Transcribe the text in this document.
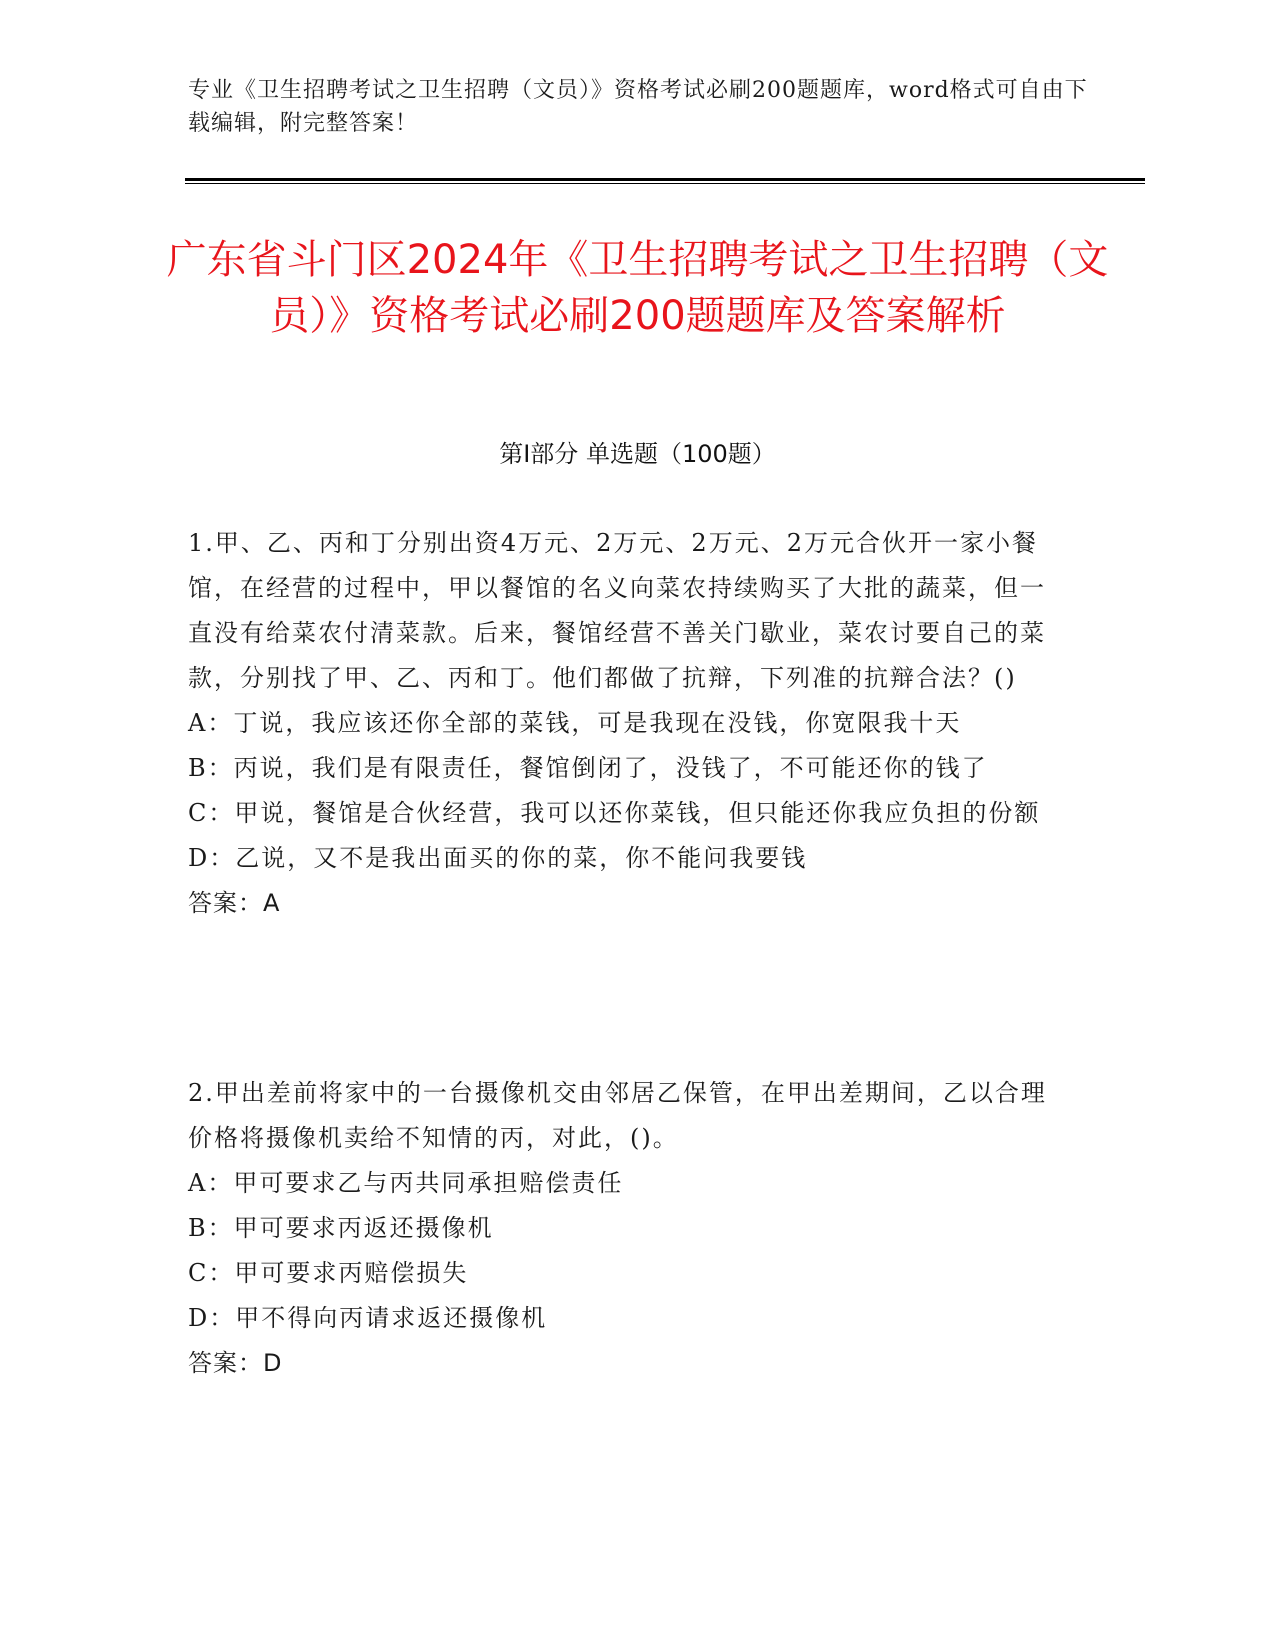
专业《卫生招聘考试之卫生招聘（文员）》资格考试必刷200题题库，word格式可自由下载编辑，附完整答案！
广东省斗门区2024年《卫生招聘考试之卫生招聘（文员）》资格考试必刷200题题库及答案解析
第Ⅰ部分 单选题（100题）

1.甲、乙、丙和丁分别出资4万元、2万元、2万元、2万元合伙开一家小餐馆，在经营的过程中，甲以餐馆的名义向菜农持续购买了大批的蔬菜，但一直没有给菜农付清菜款。后来，餐馆经营不善关门歇业，菜农讨要自己的菜款，分别找了甲、乙、丙和丁。他们都做了抗辩，下列准的抗辩合法？()

A：丁说，我应该还你全部的菜钱，可是我现在没钱，你宽限我十天

B：丙说，我们是有限责任，餐馆倒闭了，没钱了，不可能还你的钱了

C：甲说，餐馆是合伙经营，我可以还你菜钱，但只能还你我应负担的份额

D：乙说，又不是我出面买的你的菜，你不能问我要钱

答案：A

2.甲出差前将家中的一台摄像机交由邻居乙保管，在甲出差期间，乙以合理价格将摄像机卖给不知情的丙，对此，()。

A：甲可要求乙与丙共同承担赔偿责任

B：甲可要求丙返还摄像机

C：甲可要求丙赔偿损失

D：甲不得向丙请求返还摄像机

答案：D
